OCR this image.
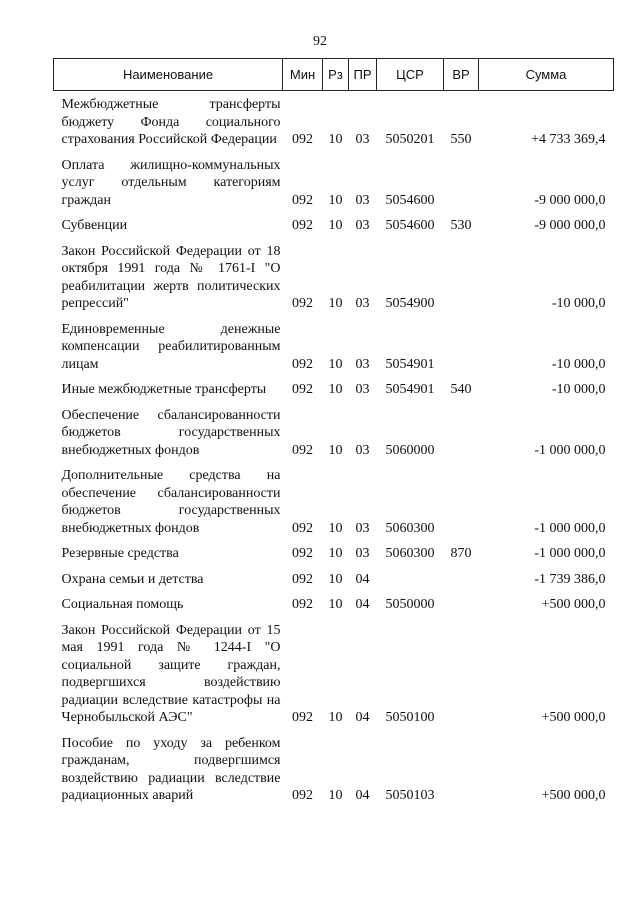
92
Наименование	Мин	Рз	ПР	ЦСР	ВР	Сумма
Межбюджетные трансферты бюджету Фонда социального страхования Российской Федерации	092	10	03	5050201	550	+4 733 369,4
Оплата жилищно-коммунальных услуг отдельным категориям граждан	092	10	03	5054600		-9 000 000,0
Субвенции	092	10	03	5054600	530	-9 000 000,0
Закон Российской Федерации от 18 октября 1991 года № 1761-I "О реабилитации жертв политических репрессий"	092	10	03	5054900		-10 000,0
Единовременные денежные компенсации реабилитированным лицам	092	10	03	5054901		-10 000,0
Иные межбюджетные трансферты	092	10	03	5054901	540	-10 000,0
Обеспечение сбалансированности бюджетов государственных внебюджетных фондов	092	10	03	5060000		-1 000 000,0
Дополнительные средства на обеспечение сбалансированности бюджетов государственных внебюджетных фондов	092	10	03	5060300		-1 000 000,0
Резервные средства	092	10	03	5060300	870	-1 000 000,0
Охрана семьи и детства	092	10	04			-1 739 386,0
Социальная помощь	092	10	04	5050000		+500 000,0
Закон Российской Федерации от 15 мая 1991 года № 1244-I "О социальной защите граждан, подвергшихся воздействию радиации вследствие катастрофы на Чернобыльской АЭС"	092	10	04	5050100		+500 000,0
Пособие по уходу за ребенком гражданам, подвергшимся воздействию радиации вследствие радиационных аварий	092	10	04	5050103		+500 000,0
